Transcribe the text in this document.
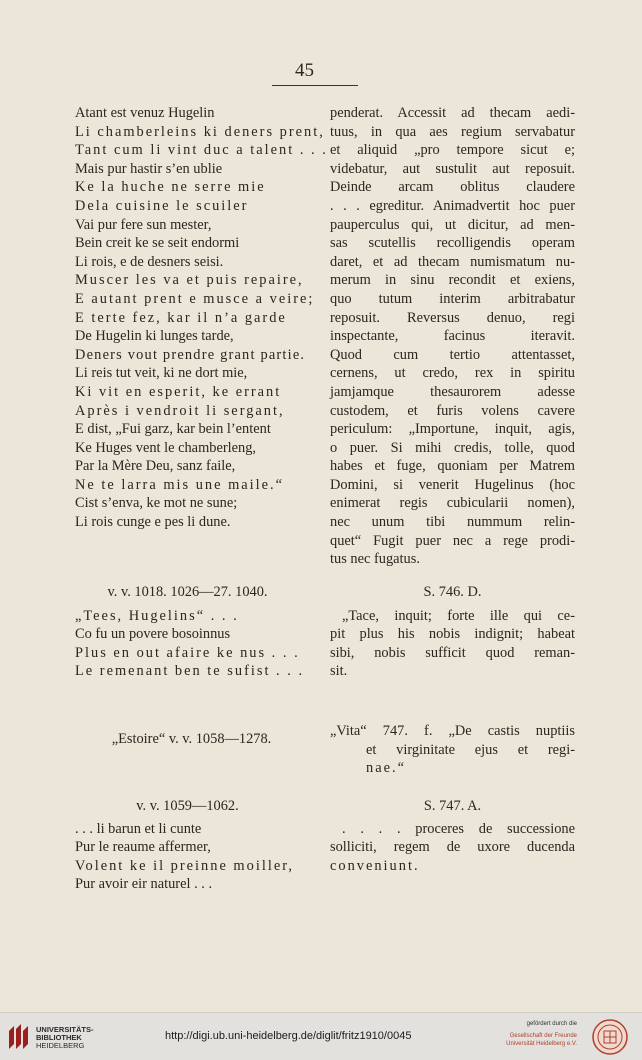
45
Atant est venuz Hugelin
Li chamberleins ki deners prent,
Tant cum li vint duc a talent . . .
Mais pur hastir s’en ublie
Ke la huche ne serre mie
Dela cuisine le scuiler
Vai pur fere sun mester,
Bein creit ke se seit endormi
Li rois, e de desners seisi.
Muscer les va et puis repaire,
E autant prent e musce a veire;
E terte fez, kar il n’a garde
De Hugelin ki lunges tarde,
Deners vout prendre grant partie.
Li reis tut veit, ki ne dort mie,
Ki vit en esperit, ke errant
Après i vendroit li sergant,
E dist, „Fui garz, kar bein l’entent
Ke Huges vent le chamberleng,
Par la Mère Deu, sanz faile,
Ne te larra mis une maile.“
Cist s’enva, ke mot ne sune;
Li rois cunge e pes li dune.
v. v. 1018. 1026—27. 1040.
„Tees, Hugelins“ . . .
Co fu un povere bosoinnus
Plus en out afaire ke nus . . .
Le remenant ben te sufist . . .
„Estoire“ v. v. 1058—1278.
v. v. 1059—1062.
. . . li barun et li cunte
Pur le reaume affermer,
Volent ke il preinne moiller,
Pur avoir eir naturel . . .
penderat. Accessit ad thecam aedi-
tuus, in qua aes regium servabatur
et aliquid „pro tempore sicut e;
videbatur, aut sustulit aut reposuit.
Deinde arcam oblitus claudere
. . . egreditur. Animadvertit hoc puer
pauperculus qui, ut dicitur, ad men-
sas scutellis recolligendis operam
daret, et ad thecam numismatum nu-
merum in sinu recondit et exiens,
quo tutum interim arbitrabatur
reposuit. Reversus denuo, regi
inspectante, facinus iteravit.
Quod cum tertio attentasset,
cernens, ut credo, rex in spiritu
jamjamque thesaurorem adesse
custodem, et furis volens cavere
periculum: „Importune, inquit, agis,
o puer. Si mihi credis, tolle, quod
habes et fuge, quoniam per Matrem
Domini, si venerit Hugelinus (hoc
enimerat regis cubicularii nomen),
nec unum tibi nummum relin-
quet“ Fugit puer nec a rege prodi-
tus nec fugatus.
S. 746. D.
„Tace, inquit; forte ille qui ce-
pit plus his nobis indignit; habeat
sibi, nobis sufficit quod reman-
sit.
„Vita“ 747. f. „De castis nuptiis
et virginitate ejus et regi-
nae.“
S. 747. A.
. . . . proceres de successione
solliciti, regem de uxore ducenda
conveniunt.
UNIVERSITÄTS-
BIBLIOTHEK
HEIDELBERG
http://digi.ub.uni-heidelberg.de/diglit/fritz1910/0045
gefördert durch die
Gesellschaft der Freunde
Universität Heidelberg e.V.
